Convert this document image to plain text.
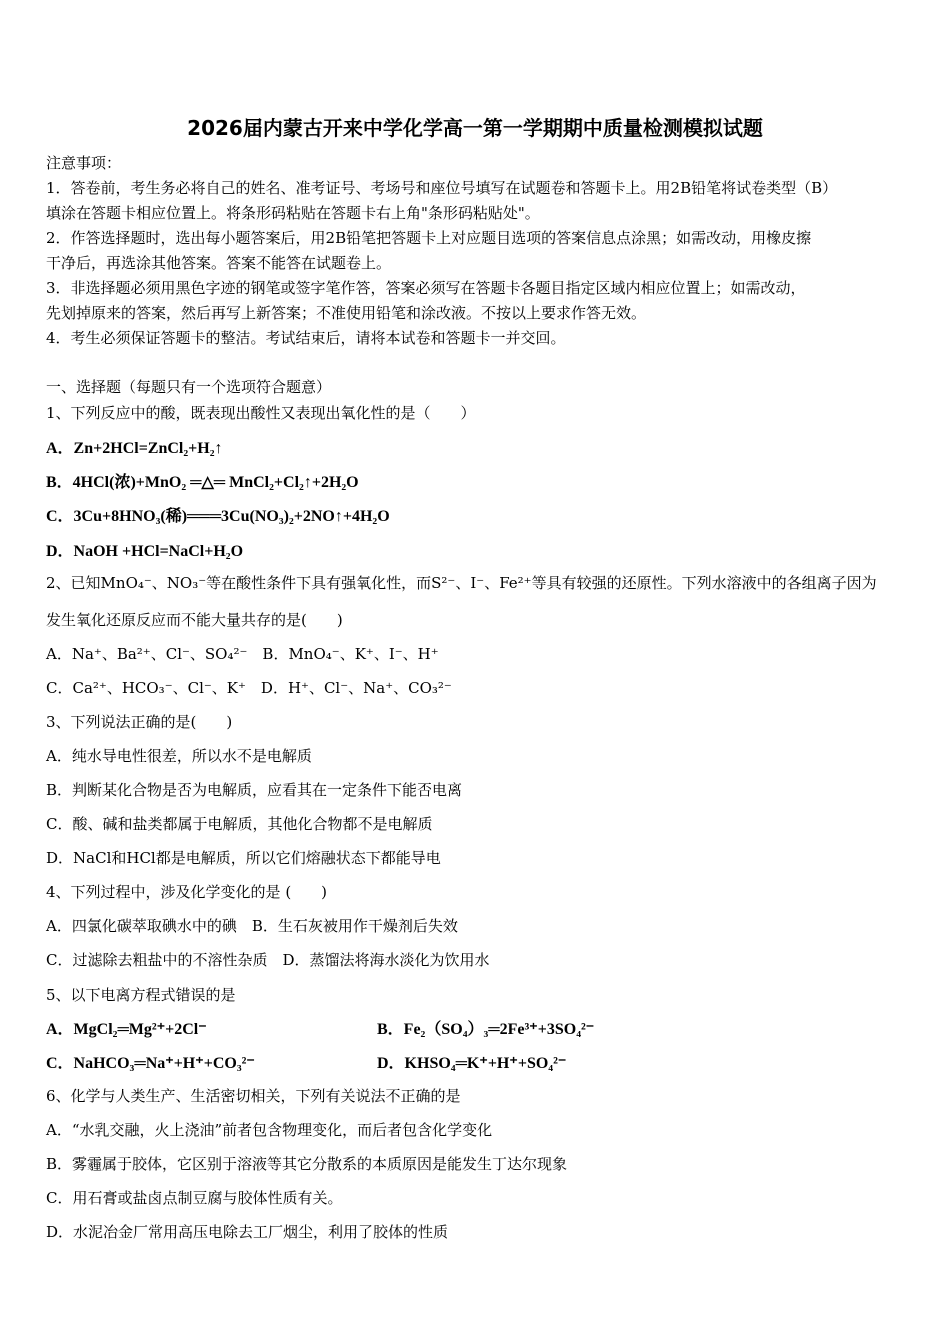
2026届内蒙古开来中学化学高一第一学期期中质量检测模拟试题
注意事项：
1．答卷前，考生务必将自己的姓名、准考证号、考场号和座位号填写在试题卷和答题卡上。用2B铅笔将试卷类型（B）
填涂在答题卡相应位置上。将条形码粘贴在答题卡右上角"条形码粘贴处"。
2．作答选择题时，选出每小题答案后，用2B铅笔把答题卡上对应题目选项的答案信息点涂黑；如需改动，用橡皮擦
干净后，再选涂其他答案。答案不能答在试题卷上。
3．非选择题必须用黑色字迹的钢笔或签字笔作答，答案必须写在答题卡各题目指定区域内相应位置上；如需改动，
先划掉原来的答案，然后再写上新答案；不准使用铅笔和涂改液。不按以上要求作答无效。
4．考生必须保证答题卡的整洁。考试结束后，请将本试卷和答题卡一并交回。
一、选择题（每题只有一个选项符合题意）
1、下列反应中的酸，既表现出酸性又表现出氧化性的是（　　）
A．Zn+2HCl=ZnCl₂+H₂↑
B．4HCl(浓)+MnO₂ ═△═ MnCl₂+Cl₂↑+2H₂O
C．3Cu+8HNO₃(稀)═══3Cu(NO₃)₂+2NO↑+4H₂O
D．NaOH +HCl=NaCl+H₂O
2、已知MnO₄⁻、NO₃⁻等在酸性条件下具有强氧化性，而S²⁻、I⁻、Fe²⁺等具有较强的还原性。下列水溶液中的各组离子因为
发生氧化还原反应而不能大量共存的是(　　)
A．Na⁺、Ba²⁺、Cl⁻、SO₄²⁻　B．MnO₄⁻、K⁺、I⁻、H⁺
C．Ca²⁺、HCO₃⁻、Cl⁻、K⁺　D．H⁺、Cl⁻、Na⁺、CO₃²⁻
3、下列说法正确的是(　　)
A．纯水导电性很差，所以水不是电解质
B．判断某化合物是否为电解质，应看其在一定条件下能否电离
C．酸、碱和盐类都属于电解质，其他化合物都不是电解质
D．NaCl和HCl都是电解质，所以它们熔融状态下都能导电
4、下列过程中，涉及化学变化的是 (　　)
A．四氯化碳萃取碘水中的碘　B．生石灰被用作干燥剂后失效
C．过滤除去粗盐中的不溶性杂质　D．蒸馏法将海水淡化为饮用水
5、以下电离方程式错误的是
A．MgCl₂═Mg²⁺+2Cl⁻	B．Fe₂（SO₄）₃═2Fe³⁺+3SO₄²⁻
C．NaHCO₃═Na⁺+H⁺+CO₃²⁻	D．KHSO₄═K⁺+H⁺+SO₄²⁻
6、化学与人类生产、生活密切相关，下列有关说法不正确的是
A．“水乳交融，火上浇油”前者包含物理变化，而后者包含化学变化
B．雾霾属于胶体，它区别于溶液等其它分散系的本质原因是能发生丁达尔现象
C．用石膏或盐卤点制豆腐与胶体性质有关。
D．水泥冶金厂常用高压电除去工厂烟尘，利用了胶体的性质
